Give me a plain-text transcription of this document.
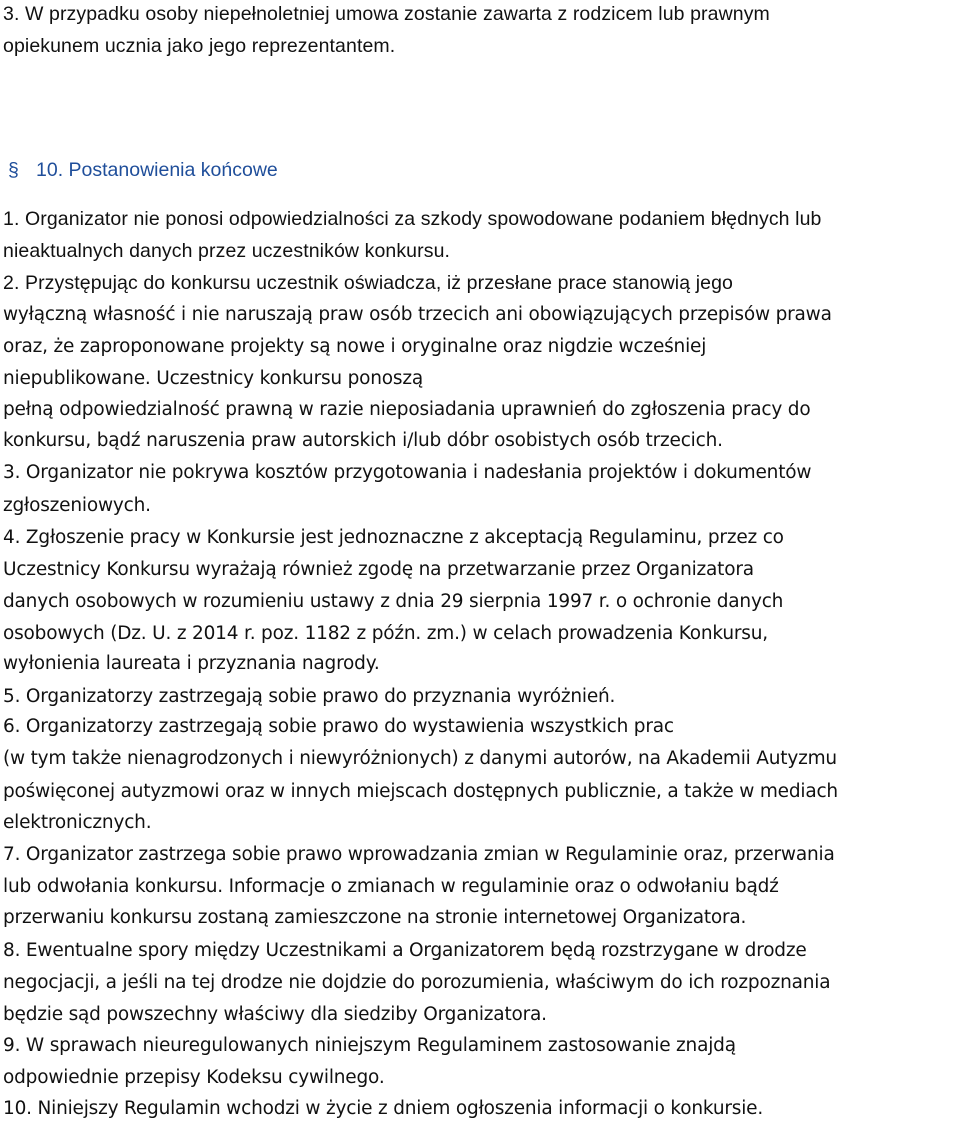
3. W przypadku osoby niepełnoletniej umowa zostanie zawarta z rodzicem lub prawnym
opiekunem ucznia jako jego reprezentantem.
§ 10. Postanowienia końcowe
1. Organizator nie ponosi odpowiedzialności za szkody spowodowane podaniem błędnych lub
nieaktualnych danych przez uczestników konkursu.
2. Przystępując do konkursu uczestnik oświadcza, iż przesłane prace stanowią jego
wyłączną własność i nie naruszają praw osób trzecich ani obowiązujących przepisów prawa
oraz, że zaproponowane projekty są nowe i oryginalne oraz nigdzie wcześniej
niepublikowane. Uczestnicy konkursu ponoszą
pełną odpowiedzialność prawną w razie nieposiadania uprawnień do zgłoszenia pracy do
konkursu, bądź naruszenia praw autorskich i/lub dóbr osobistych osób trzecich.
3. Organizator nie pokrywa kosztów przygotowania i nadesłania projektów i dokumentów
zgłoszeniowych.
4. Zgłoszenie pracy w Konkursie jest jednoznaczne z akceptacją Regulaminu, przez co
Uczestnicy Konkursu wyrażają również zgodę na przetwarzanie przez Organizatora
danych osobowych w rozumieniu ustawy z dnia 29 sierpnia 1997 r. o ochronie danych
osobowych (Dz. U. z 2014 r. poz. 1182 z późn. zm.) w celach prowadzenia Konkursu,
wyłonienia laureata i przyznania nagrody.
5. Organizatorzy zastrzegają sobie prawo do przyznania wyróżnień.
6. Organizatorzy zastrzegają sobie prawo do wystawienia wszystkich prac
(w tym także nienagrodzonych i niewyróżnionych) z danymi autorów, na Akademii Autyzmu
poświęconej autyzmowi oraz w innych miejscach dostępnych publicznie, a także w mediach
elektronicznych.
7. Organizator zastrzega sobie prawo wprowadzania zmian w Regulaminie oraz, przerwania
lub odwołania konkursu. Informacje o zmianach w regulaminie oraz o odwołaniu bądź
przerwaniu konkursu zostaną zamieszczone na stronie internetowej Organizatora.
8. Ewentualne spory między Uczestnikami a Organizatorem będą rozstrzygane w drodze
negocjacji, a jeśli na tej drodze nie dojdzie do porozumienia, właściwym do ich rozpoznania
będzie sąd powszechny właściwy dla siedziby Organizatora.
9. W sprawach nieuregulowanych niniejszym Regulaminem zastosowanie znajdą
odpowiednie przepisy Kodeksu cywilnego.
10. Niniejszy Regulamin wchodzi w życie z dniem ogłoszenia informacji o konkursie.
